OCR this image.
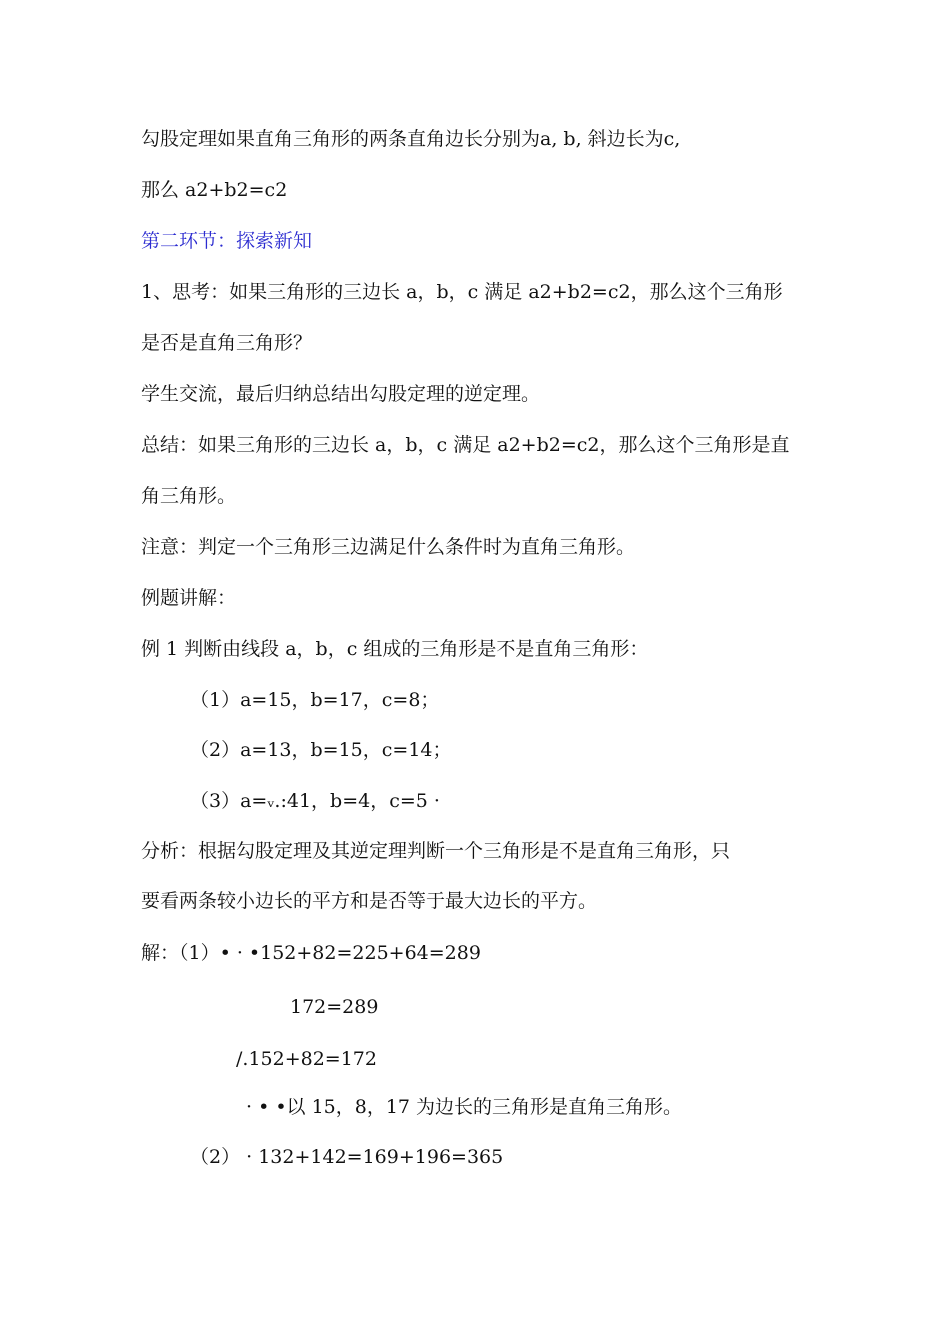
勾股定理如果直角三角形的两条直角边长分别为a, b, 斜边长为c,
那么 a2+b2=c2
第二环节：探索新知
1、思考：如果三角形的三边长 a，b，c 满足 a2+b2=c2，那么这个三角形
是否是直角三角形？
学生交流，最后归纳总结出勾股定理的逆定理。
总结：如果三角形的三边长 a，b，c 满足 a2+b2=c2，那么这个三角形是直
角三角形。
注意：判定一个三角形三边满足什么条件时为直角三角形。
例题讲解：
例 1 判断由线段 a，b，c 组成的三角形是不是直角三角形：
（1）a=15，b=17，c=8；
（2）a=13，b=15，c=14；
（3）a=ᵥ.:41，b=4，c=5 ·
分析：根据勾股定理及其逆定理判断一个三角形是不是直角三角形，只
要看两条较小边长的平方和是否等于最大边长的平方。
解：（1）• · •152+82=225+64=289
172=289
/.152+82=172
· • •以 15，8，17 为边长的三角形是直角三角形。
（2） · 132+142=169+196=365
